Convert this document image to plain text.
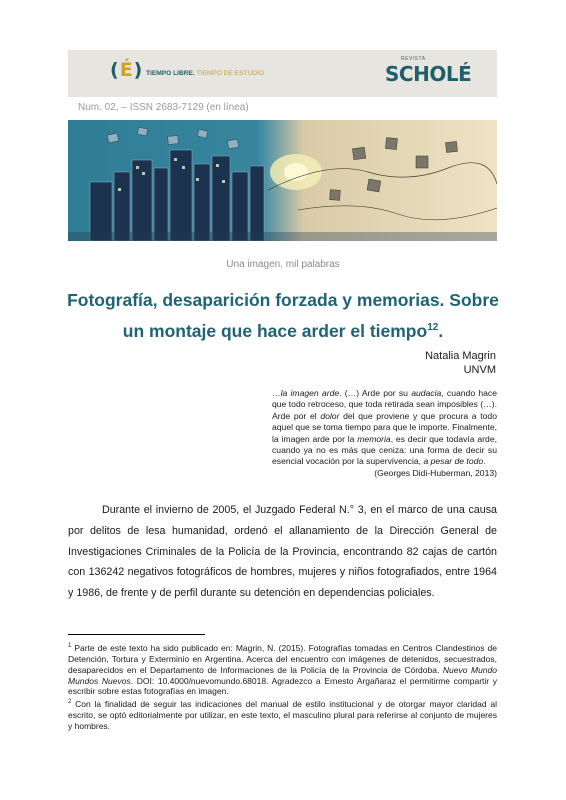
(É) TIEMPO LIBRE. TIEMPO DE ESTUDIO
REVISTA
SCHOLÉ
Num. 02, – ISSN 2683-7129 (en línea)
Una imagen, mil palabras
Fotografía, desaparición forzada y memorias. Sobre
un montaje que hace arder el tiempo$^{12}$.
Natalia Magrin
UNVM
…la imagen arde. (…) Arde por su audacia, cuando hace que todo retroceso, que toda retirada sean imposibles (…). Arde por el dolor del que proviene y que procura a todo aquel que se toma tiempo para que le importe. Finalmente, la imagen arde por la memoria, es decir que todavía arde, cuando ya no es más que ceniza: una forma de decir su esencial vocación por la supervivencia, a pesar de todo.
(Georges Didi-Huberman, 2013)

Durante el invierno de 2005, el Juzgado Federal N.° 3, en el marco de una causa por delitos de lesa humanidad, ordenó el allanamiento de la Dirección General de Investigaciones Criminales de la Policía de la Provincia, encontrando 82 cajas de cartón con 136242 negativos fotográficos de hombres, mujeres y niños fotografiados, entre 1964 y 1986, de frente y de perfil durante su detención en dependencias policiales.

$^1$ Parte de este texto ha sido publicado en: Magrin, N. (2015). Fotografías tomadas en Centros Clandestinos de Detención, Tortura y Exterminio en Argentina. Acerca del encuentro con imágenes de detenidos, secuestrados, desaparecidos en el Departamento de Informaciones de la Policía de la Provincia de Córdoba. Nuevo Mundo Mundos Nuevos. DOI: 10.4000/nuevomundo.68018. Agradezco a Ernesto Argañaraz el permitirme compartir y escribir sobre estas fotografías en imagen.

$^2$ Con la finalidad de seguir las indicaciones del manual de estilo institucional y de otorgar mayor claridad al escrito, se optó editorialmente por utilizar, en este texto, el masculino plural para referirse al conjunto de mujeres y hombres.
